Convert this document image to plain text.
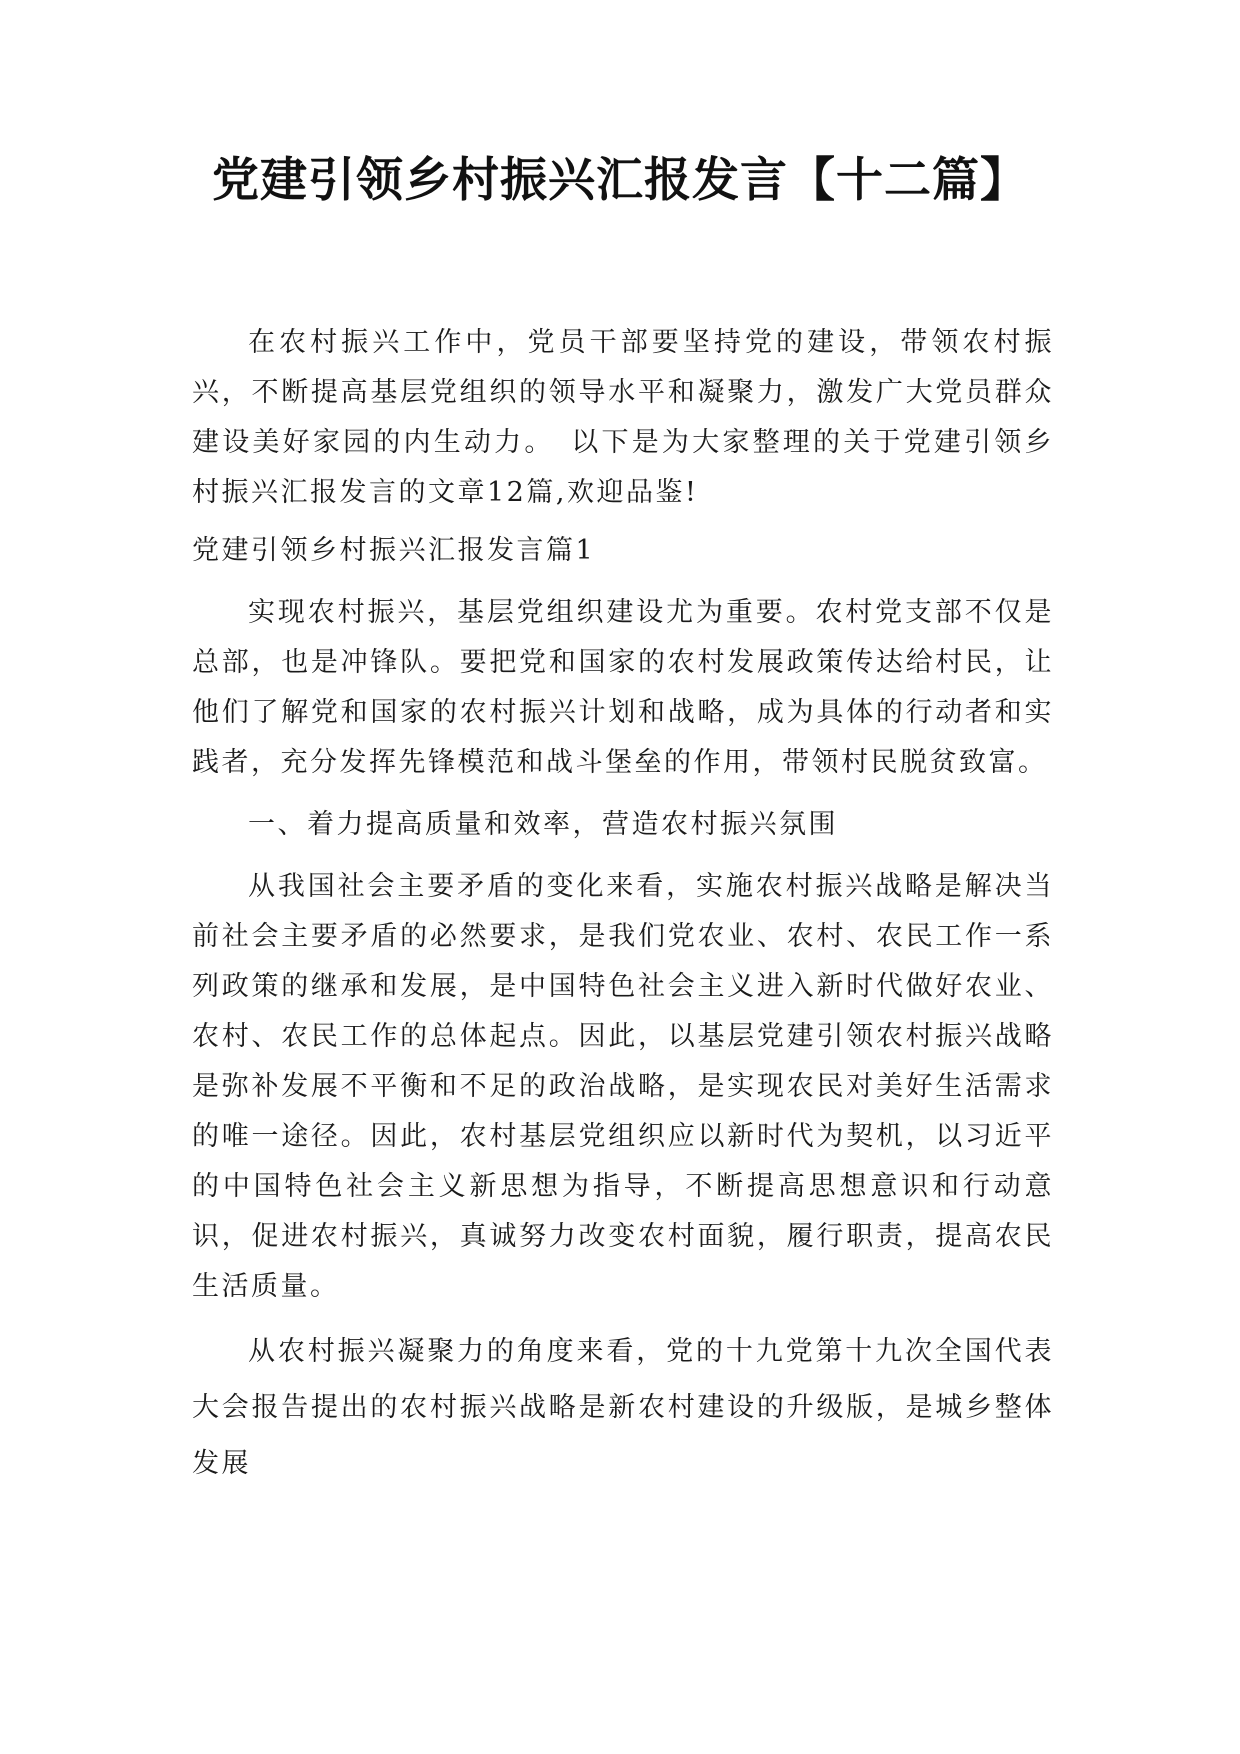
党建引领乡村振兴汇报发言【十二篇】

在农村振兴工作中，党员干部要坚持党的建设，带领农村振兴，不断提高基层党组织的领导水平和凝聚力，激发广大党员群众建设美好家园的内生动力。　以下是为大家整理的关于党建引领乡村振兴汇报发言的文章12篇,欢迎品鉴!

党建引领乡村振兴汇报发言篇1

实现农村振兴，基层党组织建设尤为重要。农村党支部不仅是总部，也是冲锋队。要把党和国家的农村发展政策传达给村民，让他们了解党和国家的农村振兴计划和战略，成为具体的行动者和实践者，充分发挥先锋模范和战斗堡垒的作用，带领村民脱贫致富。

一、着力提高质量和效率，营造农村振兴氛围

从我国社会主要矛盾的变化来看，实施农村振兴战略是解决当前社会主要矛盾的必然要求，是我们党农业、农村、农民工作一系列政策的继承和发展，是中国特色社会主义进入新时代做好农业、农村、农民工作的总体起点。因此，以基层党建引领农村振兴战略是弥补发展不平衡和不足的政治战略，是实现农民对美好生活需求的唯一途径。因此，农村基层党组织应以新时代为契机，以习近平的中国特色社会主义新思想为指导，不断提高思想意识和行动意识，促进农村振兴，真诚努力改变农村面貌，履行职责，提高农民生活质量。

从农村振兴凝聚力的角度来看，党的十九党第十九次全国代表大会报告提出的农村振兴战略是新农村建设的升级版，是城乡整体发展
